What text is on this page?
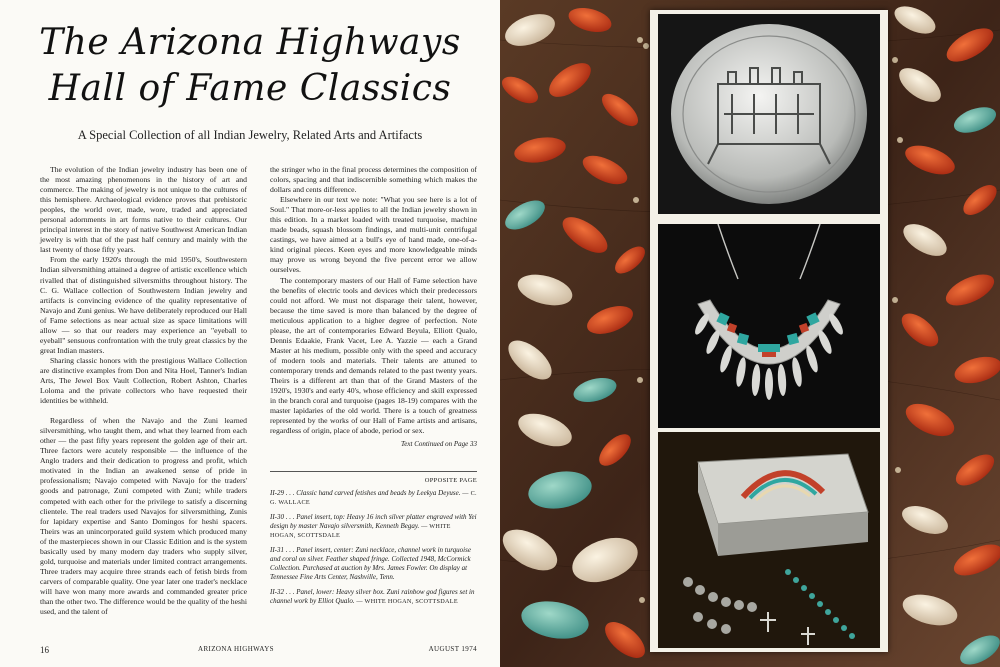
The Arizona Highways
Hall of Fame Classics
A Special Collection of all Indian Jewelry, Related Arts and Artifacts

The evolution of the Indian jewelry industry has been one of the most amazing phenomenons in the history of art and commerce. The making of jewelry is not unique to the cultures of this hemisphere. Archaeological evidence proves that prehistoric peoples, the world over, made, wore, traded and appreciated personal adornments in art forms native to their cultures. Our principal interest in the story of native Southwest American Indian jewelry is with that of the past half century and mainly with the last twenty of those fifty years.

From the early 1920's through the mid 1950's, Southwestern Indian silversmithing attained a degree of artistic excellence which rivalled that of distinguished silversmiths throughout history. The C. G. Wallace collection of Southwestern Indian jewelry and artifacts is convincing evidence of the quality representative of Navajo and Zuni genius. We have deliberately reproduced our Hall of Fame selections as near actual size as space limitations will allow — so that our readers may experience an "eyeball to eyeball" sensuous confrontation with the truly great classics by the great Indian masters.

Sharing classic honors with the prestigious Wallace Collection are distinctive examples from Don and Nita Hoel, Tanner's Indian Arts, The Jewel Box Vault Collection, Robert Ashton, Charles Loloma and the private collectors who have requested their identities be withheld.

Regardless of when the Navajo and the Zuni learned silversmithing, who taught them, and what they learned from each other — the past fifty years represent the golden age of their art. Three factors were acutely responsible — the influence of the Anglo traders and their dedication to progress and profit, which motivated in the Indian an awakened sense of pride in professionalism; Navajo competed with Navajo for the traders' goods and patronage, Zuni competed with Zuni; while traders competed with each other for the privilege to satisfy a discerning clientele. The real traders used Navajos for silversmithing, Zunis for lapidary expertise and Santo Domingos for heshi spacers. Theirs was an unincorporated guild system which produced many of the masterpieces shown in our Classic Edition and is the system basically used by many modern day traders who supply silver, gold, turquoise and materials under limited contract arrangements. Three traders may acquire three strands each of fetish birds from carvers of comparable quality. One year later one trader's necklace will have won many more awards and commanded greater price than the other two. The difference would be the quality of the heshi used, and the talent of

the stringer who in the final process determines the composition of colors, spacing and that indiscernible something which makes the dollars and cents difference.

Elsewhere in our text we note: "What you see here is a lot of Soul." That more-or-less applies to all the Indian jewelry shown in this edition. In a market loaded with treated turquoise, machine made beads, squash blossom findings, and multi-unit centrifugal castings, we have aimed at a bull's eye of hand made, one-of-a-kind original pieces. Keen eyes and more knowledgeable minds may prove us wrong beyond the five percent error we allow ourselves.

The contemporary masters of our Hall of Fame selection have the benefits of electric tools and devices which their predecessors could not afford. We must not disparage their talent, however, because the time saved is more than balanced by the degree of meticulous application to a higher degree of perfection. Note please, the art of contemporaries Edward Beyula, Elliott Qualo, Dennis Edaakie, Frank Vacet, Lee A. Yazzie — each a Grand Master at his medium, possible only with the speed and accuracy of modern tools and materials. Their talents are attuned to contemporary trends and demands related to the past twenty years. Theirs is a different art than that of the Grand Masters of the 1920's, 1930's and early 40's, whose efficiency and skill expressed in the branch coral and turquoise (pages 18-19) compares with the master lapidaries of the old world. There is a touch of greatness represented by the works of our Hall of Fame artists and artisans, regardless of origin, place of abode, period or sex.

Text Continued on Page 33
OPPOSITE PAGE
II-29 . . . Classic hand carved fetishes and beads by Leekya Deyuse. — C. G. WALLACE
II-30 . . . Panel insert, top: Heavy 16 inch silver platter engraved with Yei design by master Navajo silversmith, Kenneth Begay. — WHITE HOGAN, SCOTTSDALE
II-31 . . . Panel insert, center: Zuni necklace, channel work in turquoise and coral on silver. Feather shaped fringe. Collected 1948, McCormick Collection. Purchased at auction by Mrs. James Fowler. On display at Tennessee Fine Arts Center, Nashville, Tenn.
II-32 . . . Panel, lower: Heavy silver box. Zuni rainbow god figures set in channel work by Elliot Qualo. — WHITE HOGAN, SCOTTSDALE
16	ARIZONA HIGHWAYS	AUGUST 1974
